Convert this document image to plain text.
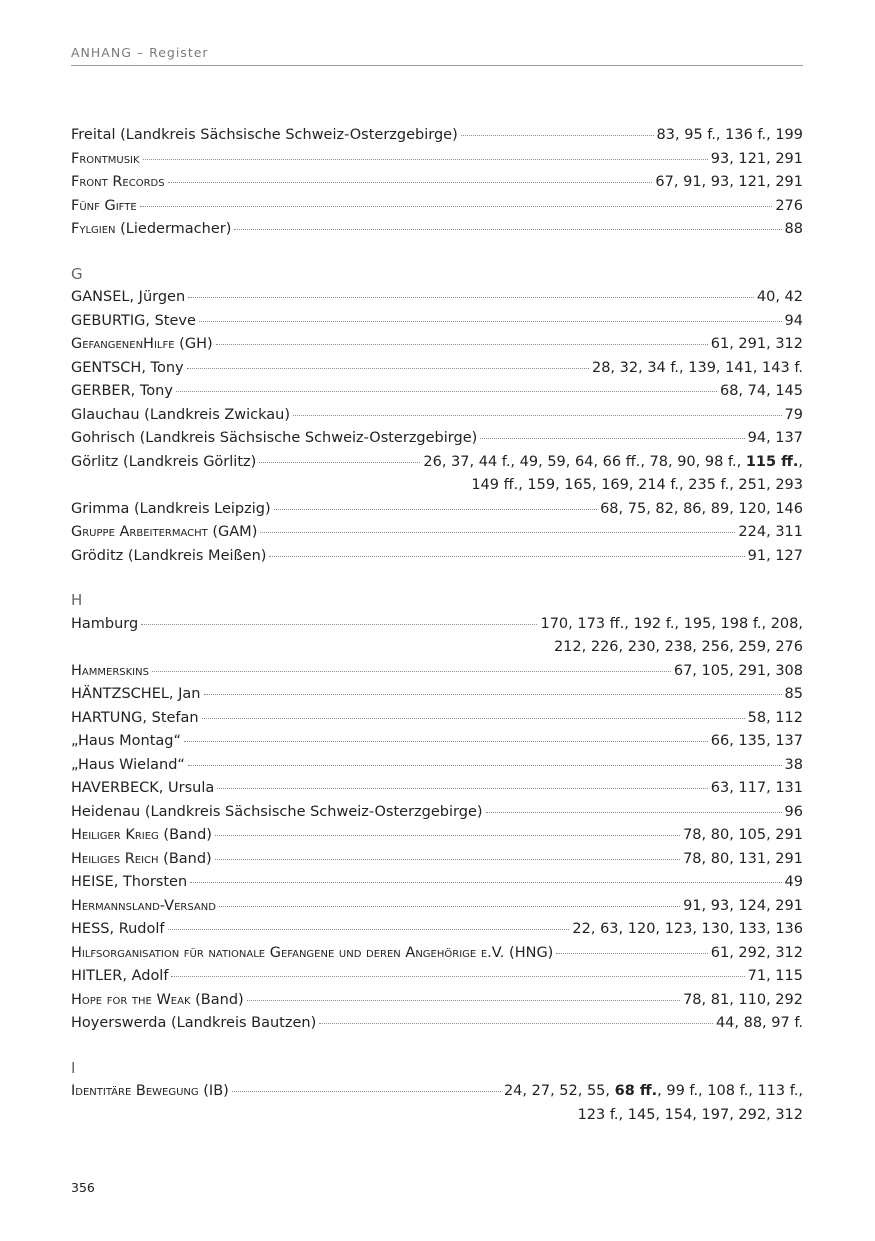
ANHANG – Register
Freital (Landkreis Sächsische Schweiz-Osterzgebirge)	83, 95 f., 136 f., 199
Frontmusik	93, 121, 291
Front Records	67, 91, 93, 121, 291
Fünf Gifte	276
Fylgien (Liedermacher)	88
G
GANSEL, Jürgen	40, 42
GEBURTIG, Steve	94
GefangenenHilfe (GH)	61, 291, 312
GENTSCH, Tony	28, 32, 34 f., 139, 141, 143 f.
GERBER, Tony	68, 74, 145
Glauchau (Landkreis Zwickau)	79
Gohrisch (Landkreis Sächsische Schweiz-Osterzgebirge)	94, 137
Görlitz (Landkreis Görlitz)	26, 37, 44 f., 49, 59, 64, 66 ff., 78, 90, 98 f., 115 ff.,
149 ff., 159, 165, 169, 214 f., 235 f., 251, 293
Grimma (Landkreis Leipzig)	68, 75, 82, 86, 89, 120, 146
Gruppe Arbeitermacht (GAM)	224, 311
Gröditz (Landkreis Meißen)	91, 127
H
Hamburg	170, 173 ff., 192 f., 195, 198 f., 208,
212, 226, 230, 238, 256, 259, 276
Hammerskins	67, 105, 291, 308
HÄNTZSCHEL, Jan	85
HARTUNG, Stefan	58, 112
„Haus Montag“	66, 135, 137
„Haus Wieland“	38
HAVERBECK, Ursula	63, 117, 131
Heidenau (Landkreis Sächsische Schweiz-Osterzgebirge)	96
Heiliger Krieg (Band)	78, 80, 105, 291
Heiliges Reich (Band)	78, 80, 131, 291
HEISE, Thorsten	49
Hermannsland-Versand	91, 93, 124, 291
HESS, Rudolf	22, 63, 120, 123, 130, 133, 136
Hilfsorganisation für nationale Gefangene und deren Angehörige e.V. (HNG)	61, 292, 312
HITLER, Adolf	71, 115
Hope for the Weak (Band)	78, 81, 110, 292
Hoyerswerda (Landkreis Bautzen)	44, 88, 97 f.
I
Identitäre Bewegung (IB)	24, 27, 52, 55, 68 ff., 99 f., 108 f., 113 f.,
123 f., 145, 154, 197, 292, 312
356
